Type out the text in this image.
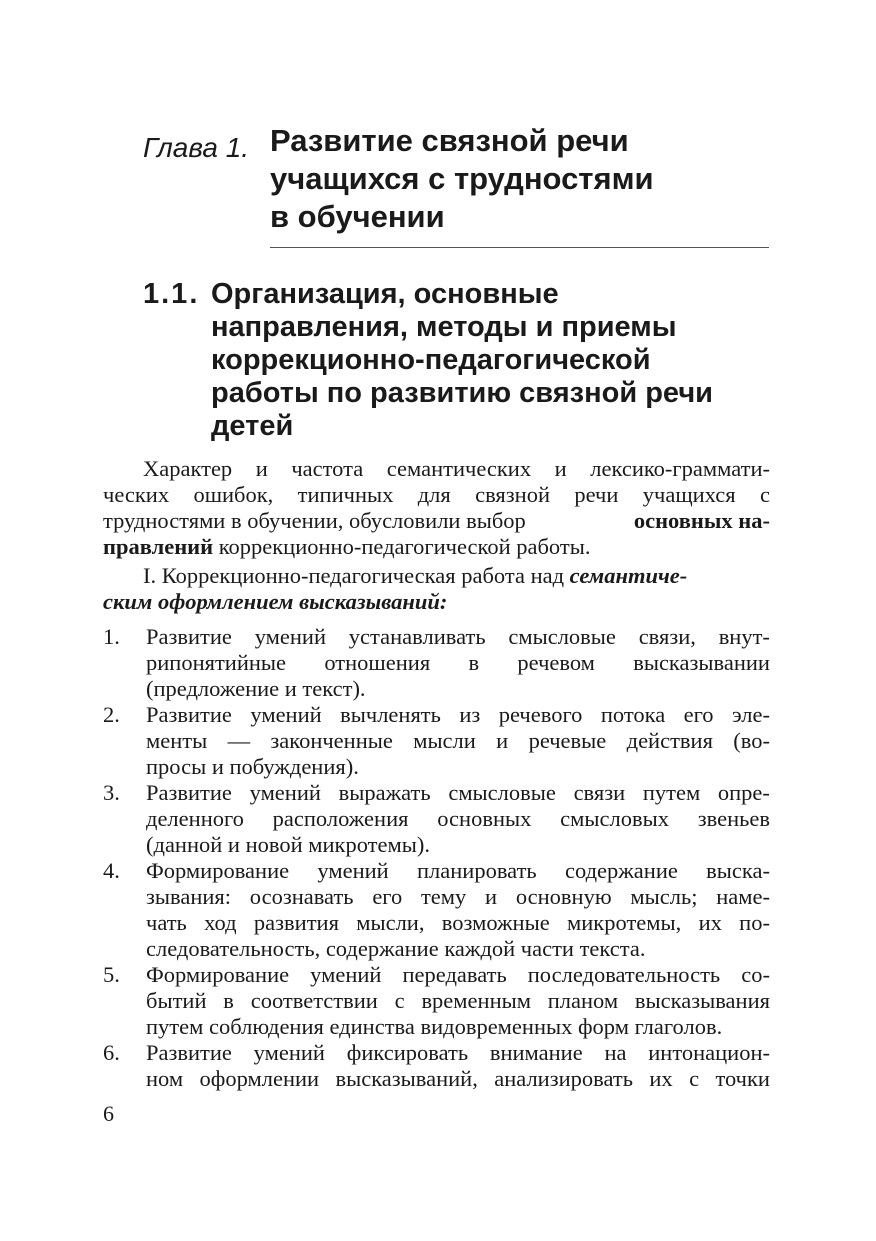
Глава 1. Развитие связной речи
учащихся с трудностями
в обучении
1.1. Организация, основные
направления, методы и приемы
коррекционно-педагогической
работы по развитию связной речи
детей
Характер и частота семантических и лексико-граммати-
ческих ошибок, типичных для связной речи учащихся с
трудностями в обучении, обусловили выбор	основных на-
правлений коррекционно-педагогической работы.
I. Коррекционно-педагогическая работа над семантиче-
ским оформлением высказываний:
1. Развитие умений устанавливать смысловые связи, внут-
рипонятийные отношения в речевом высказывании
(предложение и текст).
2. Развитие умений вычленять из речевого потока его эле-
менты — законченные мысли и речевые действия (во-
просы и побуждения).
3. Развитие умений выражать смысловые связи путем опре-
деленного расположения основных смысловых звеньев
(данной и новой микротемы).
4. Формирование умений планировать содержание выска-
зывания: осознавать его тему и основную мысль; наме-
чать ход развития мысли, возможные микротемы, их по-
следовательность, содержание каждой части текста.
5. Формирование умений передавать последовательность со-
бытий в соответствии с временным планом высказывания
путем соблюдения единства видовременных форм глаголов.
6. Развитие умений фиксировать внимание на интонацион-
ном оформлении высказываний, анализировать их с точки
6
